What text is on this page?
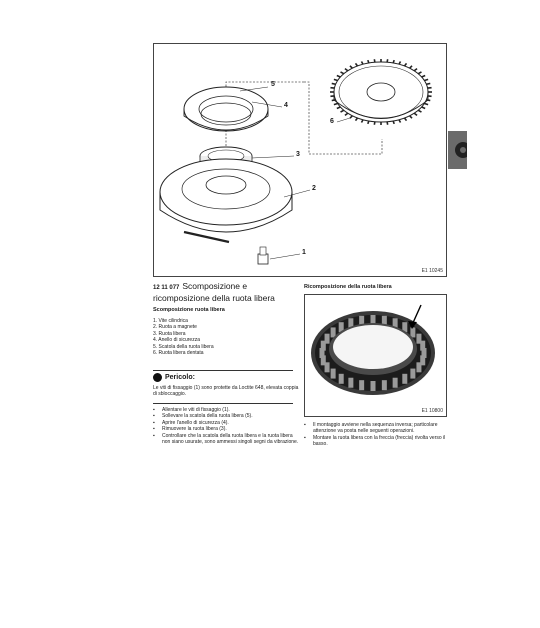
5
4
3
2
1
6
E1 10245
12 11 077 Scomposizione e ricomposizione della ruota libera
Scomposizione ruota libera
1. Vite cilindrica
2. Ruota a magnete
3. Ruota libera
4. Anello di sicurezza
5. Scatola della ruota libera
6. Ruota libera dentata
Pericolo:
Le viti di fissaggio (1) sono protette da Loctite 648, elevata coppia di sbloccaggio.
▪	Allentare le viti di fissaggio (1).
▪	Sollevare la scatola della ruota libera (5).
▪	Aprire l'anello di sicurezza (4).
▪	Rimuovere la ruota libera (3).
▪	Controllare che la scatola della ruota libera e la ruota libera non siano usurate, sono ammessi singoli segni da vibrazione.
Ricomposizione della ruota libera
E1 10800
▪	Il montaggio avviene nella sequenza inversa; particolare attenzione va posta nelle seguenti operazioni.
▪	Montare la ruota libera con la freccia (freccia) rivolta verso il basso.
